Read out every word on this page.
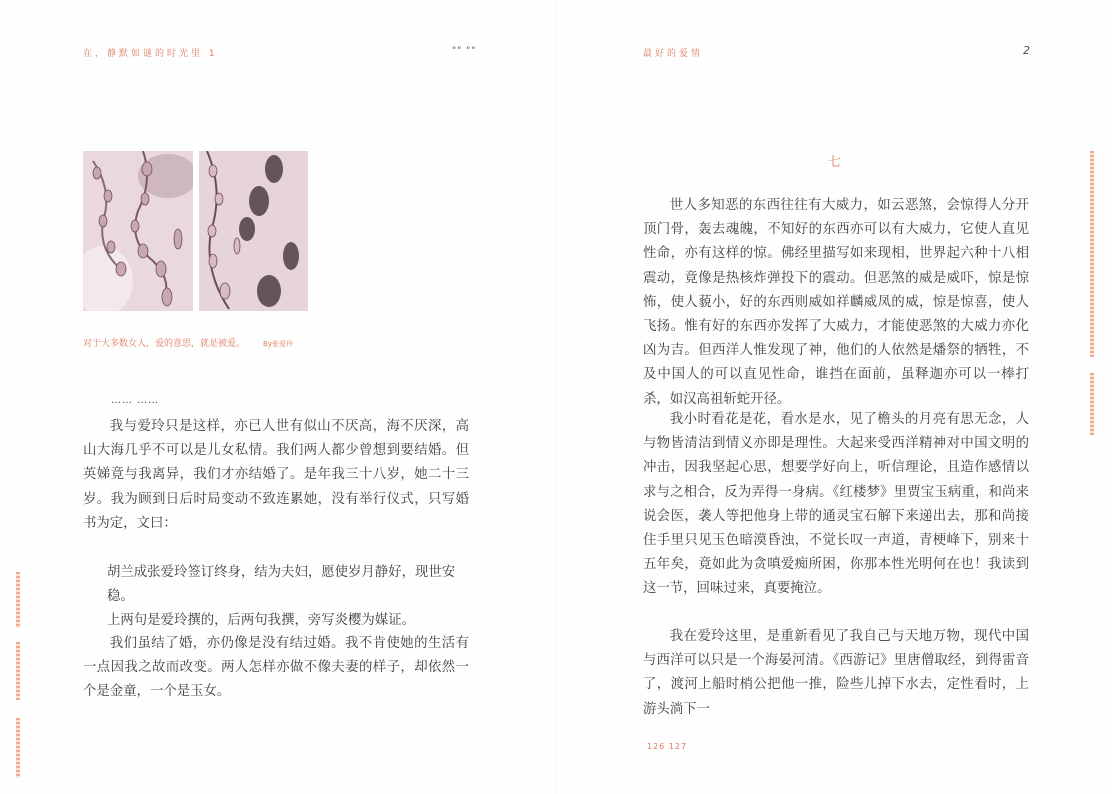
在，静默如谜的时光里 1	"" ""
对于大多数女人，爱的意思，就是被爱。	By张爱玲
…… ……

我与爱玲只是这样，亦已人世有似山不厌高，海不厌深，高山大海几乎不可以是儿女私情。我们两人都少曾想到要结婚。但英娣竟与我离异，我们才亦结婚了。是年我三十八岁，她二十三岁。我为顾到日后时局变动不致连累她，没有举行仪式，只写婚书为定，文曰：

胡兰成张爱玲签订终身，结为夫妇，愿使岁月静好，现世安稳。
上两句是爱玲撰的，后两句我撰，旁写炎樱为媒证。

我们虽结了婚，亦仍像是没有结过婚。我不肯使她的生活有一点因我之故而改变。两人怎样亦做不像夫妻的样子，却依然一个是金童，一个是玉女。

最好的爱情	2
七

世人多知恶的东西往往有大威力，如云恶煞，会惊得人分开顶门骨，轰去魂魄，不知好的东西亦可以有大威力，它使人直见性命，亦有这样的惊。佛经里描写如来现相，世界起六种十八相震动，竟像是热核炸弹投下的震动。但恶煞的威是威吓，惊是惊怖，使人藐小，好的东西则威如祥麟威凤的威，惊是惊喜，使人飞扬。惟有好的东西亦发挥了大威力，才能使恶煞的大威力亦化凶为吉。但西洋人惟发现了神，他们的人依然是燔祭的牺牲，不及中国人的可以直见性命，谁挡在面前，虽释迦亦可以一棒打杀，如汉高祖斩蛇开径。

我小时看花是花，看水是水，见了檐头的月亮有思无念，人与物皆清洁到情义亦即是理性。大起来受西洋精神对中国文明的冲击，因我坚起心思，想要学好向上，听信理论，且造作感情以求与之相合，反为弄得一身病。《红楼梦》里贾宝玉病重，和尚来说会医，袭人等把他身上带的通灵宝石解下来递出去，那和尚接住手里只见玉色暗漠昏浊，不觉长叹一声道，青梗峰下，别来十五年矣，竟如此为贪嗔爱痴所困，你那本性光明何在也！我读到这一节，回味过来，真要掩泣。

我在爱玲这里，是重新看见了我自己与天地万物，现代中国与西洋可以只是一个海晏河清。《西游记》里唐僧取经，到得雷音了，渡河上船时梢公把他一推，险些儿掉下水去，定性看时，上游头淌下一

126 127
